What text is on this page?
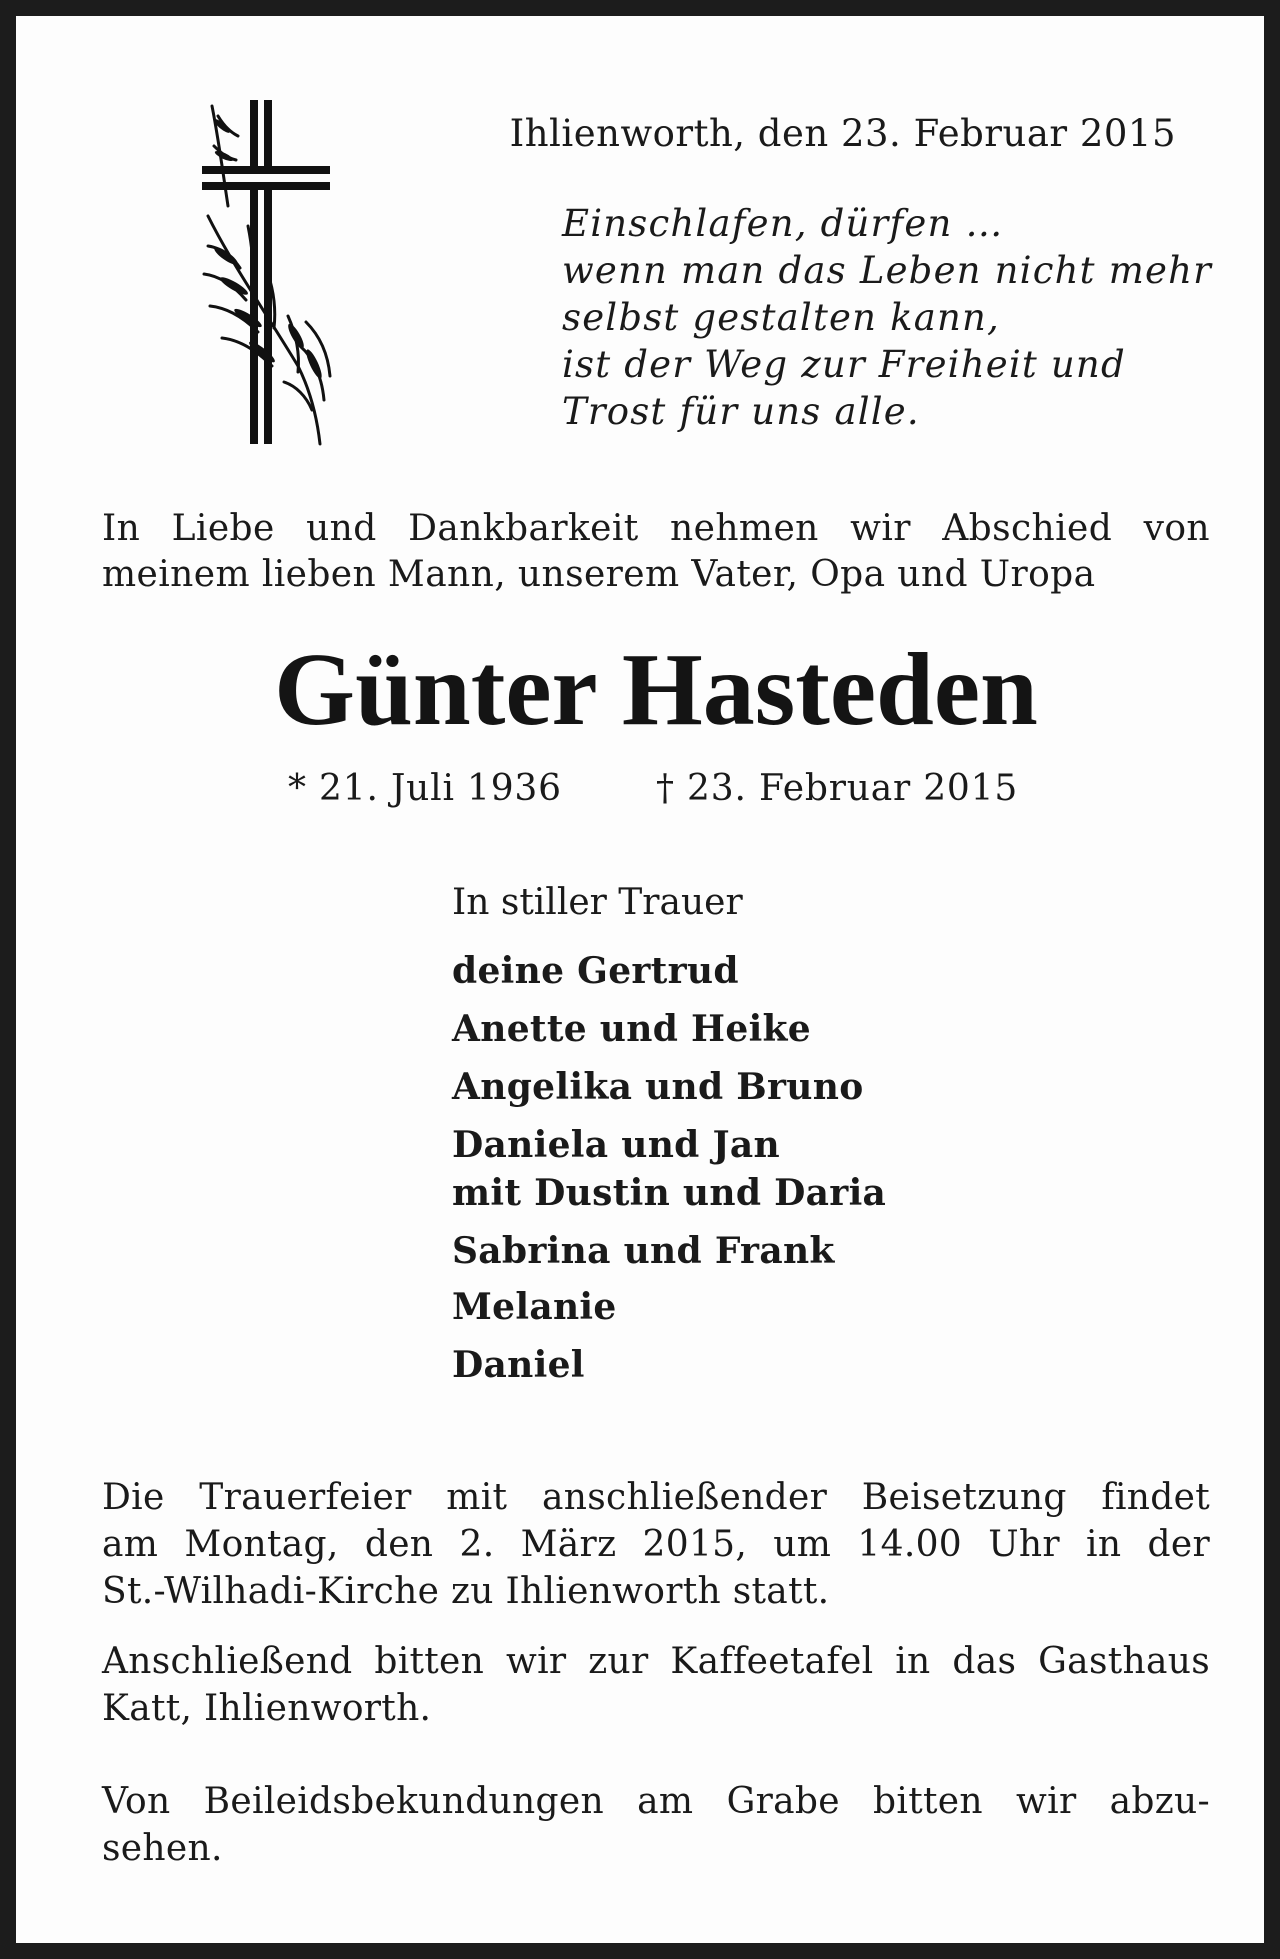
Ihlienworth, den 23. Februar 2015
Einschlafen, dürfen …
wenn man das Leben nicht mehr
selbst gestalten kann,
ist der Weg zur Freiheit und
Trost für uns alle.
In Liebe und Dankbarkeit nehmen wir Abschied von
meinem lieben Mann, unserem Vater, Opa und Uropa
Günter Hasteden
* 21. Juli 1936	† 23. Februar 2015
In stiller Trauer
deine Gertrud
Anette und Heike
Angelika und Bruno
Daniela und Jan
mit Dustin und Daria
Sabrina und Frank
Melanie
Daniel
Die Trauerfeier mit anschließender Beisetzung findet
am Montag, den 2. März 2015, um 14.00 Uhr in der
St.-Wilhadi-Kirche zu Ihlienworth statt.
Anschließend bitten wir zur Kaffeetafel in das Gasthaus
Katt, Ihlienworth.
Von Beileidsbekundungen am Grabe bitten wir abzu-
sehen.
